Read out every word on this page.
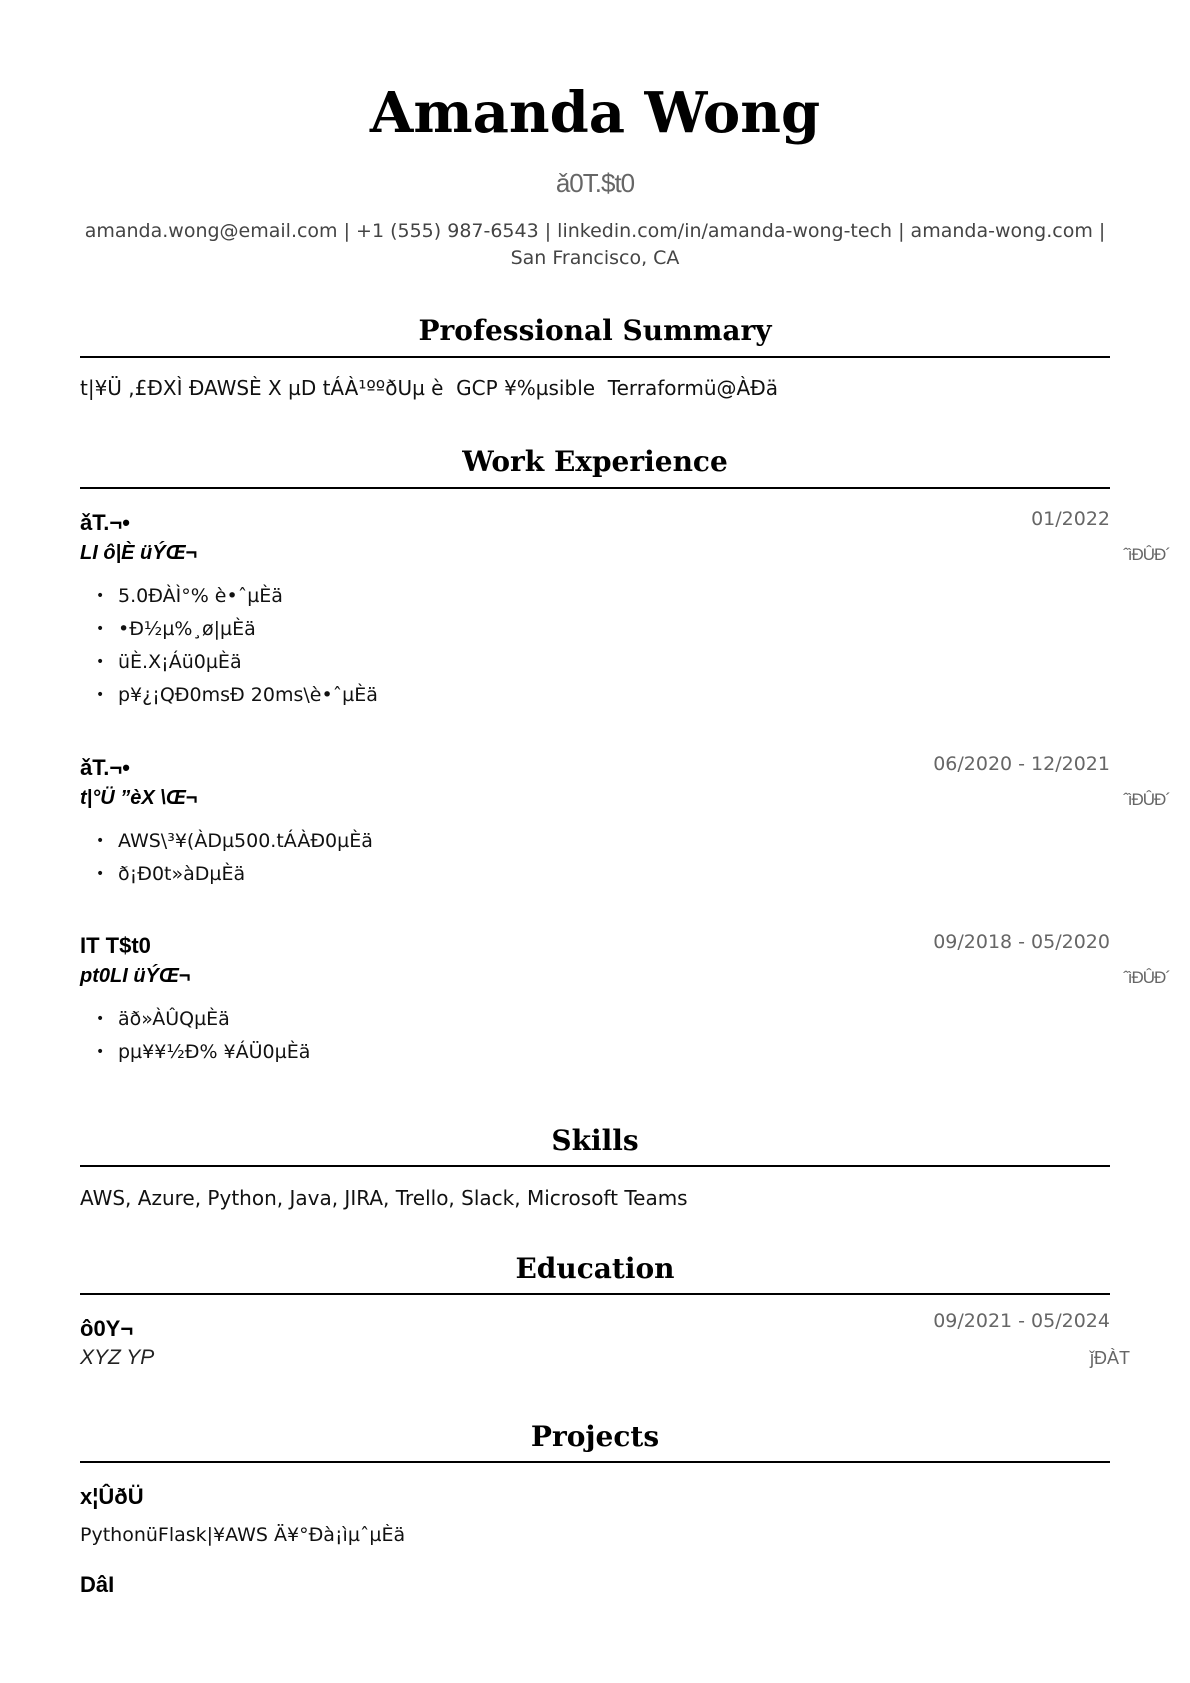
Amanda Wong
ǎ0T.$t0
amanda.wong@email.com | +1 (555) 987-6543 | linkedin.com/in/amanda-wong-tech | amanda-wong.com | San Francisco, CA
Professional Summary
t|¥Ü ,£ĐXÌ ĐAWSÈ X µD tÁÀ¹ººðUµ è  GCP ¥%µsible  Terraformü@ÀÐä
Work Experience
ǎT.¬•	01/2022
LI ô|È üÝŒ¬	ˆìÐÛÐ´
• 5.0ÐÀÌ°% è•ˆµÈä
• •Ð½µ%¸ø|µÈä
• üÈ.X¡Áü0µÈä
• p¥¿¡QÐ0msĐ 20ms\è•ˆµÈä
ǎT.¬•	06/2020 - 12/2021
t|°Ü ”èX \Œ¬	ˆìÐÛÐ´
• AWS\³¥(ÀDµ500.tÁÀÐ0µÈä
• ð¡Ð0t»àDµÈä
IT T$t0	09/2018 - 05/2020
pt0LI üÝŒ¬	ˆìÐÛÐ´
• äð»ÀÛQµÈä
• pµ¥¥½Ð% ¥ÁÜ0µÈä
Skills
AWS, Azure, Python, Java, JIRA, Trello, Slack, Microsoft Teams
Education
ô0Y¬	09/2021 - 05/2024
XYZ YP	ǰÐÀT
Projects
x¦ÛðÜ
PythonüFlask|¥AWS Ä¥°Ðà¡ìµˆµÈä
DâI
